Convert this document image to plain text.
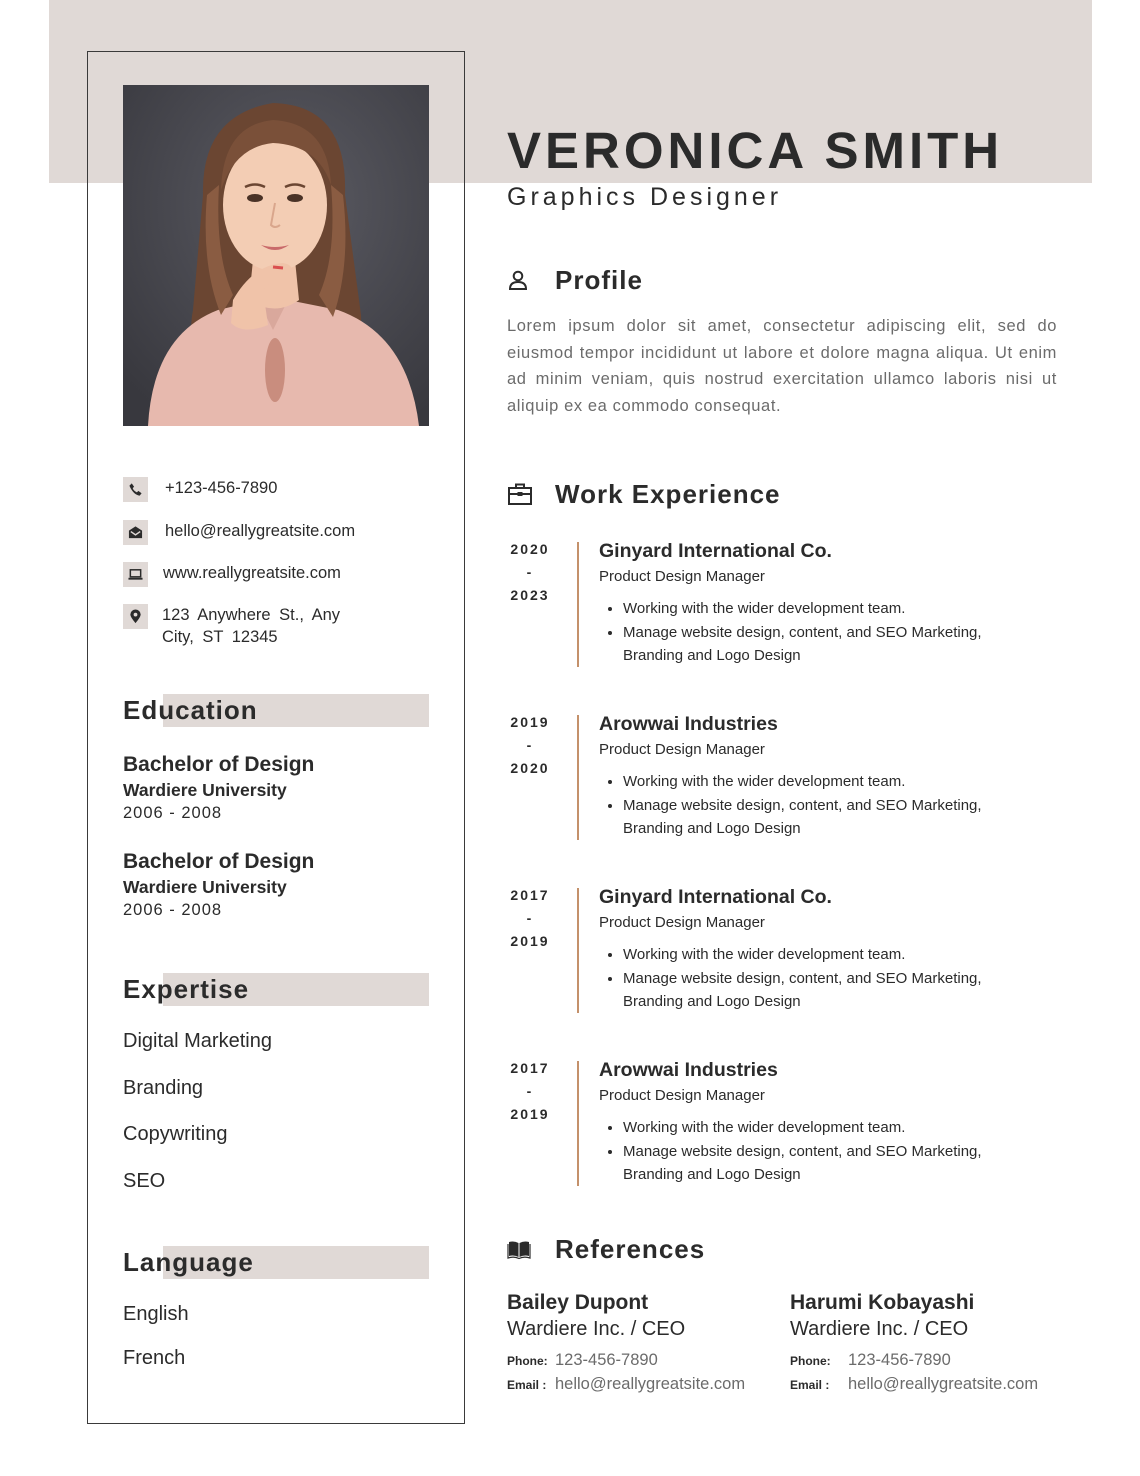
+123-456-7890
hello@reallygreatsite.com
www.reallygreatsite.com
123 Anywhere St., Any City, ST 12345
Education
Bachelor of Design
Wardiere University
2006 - 2008
Bachelor of Design
Wardiere University
2006 - 2008
Expertise
Digital Marketing
Branding
Copywriting
SEO
Language
English
French
VERONICA SMITH
Graphics Designer
Profile
Lorem ipsum dolor sit amet, consectetur adipiscing elit, sed do eiusmod tempor incididunt ut labore et dolore magna aliqua. Ut enim ad minim veniam, quis nostrud exercitation ullamco laboris nisi ut aliquip ex ea commodo consequat.
Work Experience
2020
-
2023
Ginyard International Co.
Product Design Manager
• Working with the wider development team.
• Manage website design, content, and SEO Marketing, Branding and Logo Design
2019
-
2020
Arowwai Industries
Product Design Manager
• Working with the wider development team.
• Manage website design, content, and SEO Marketing, Branding and Logo Design
2017
-
2019
Ginyard International Co.
Product Design Manager
• Working with the wider development team.
• Manage website design, content, and SEO Marketing, Branding and Logo Design
2017
-
2019
Arowwai Industries
Product Design Manager
• Working with the wider development team.
• Manage website design, content, and SEO Marketing, Branding and Logo Design
References
Bailey Dupont
Wardiere Inc. / CEO
Phone: 123-456-7890
Email : hello@reallygreatsite.com
Harumi Kobayashi
Wardiere Inc. / CEO
Phone:	123-456-7890
Email :	hello@reallygreatsite.com
